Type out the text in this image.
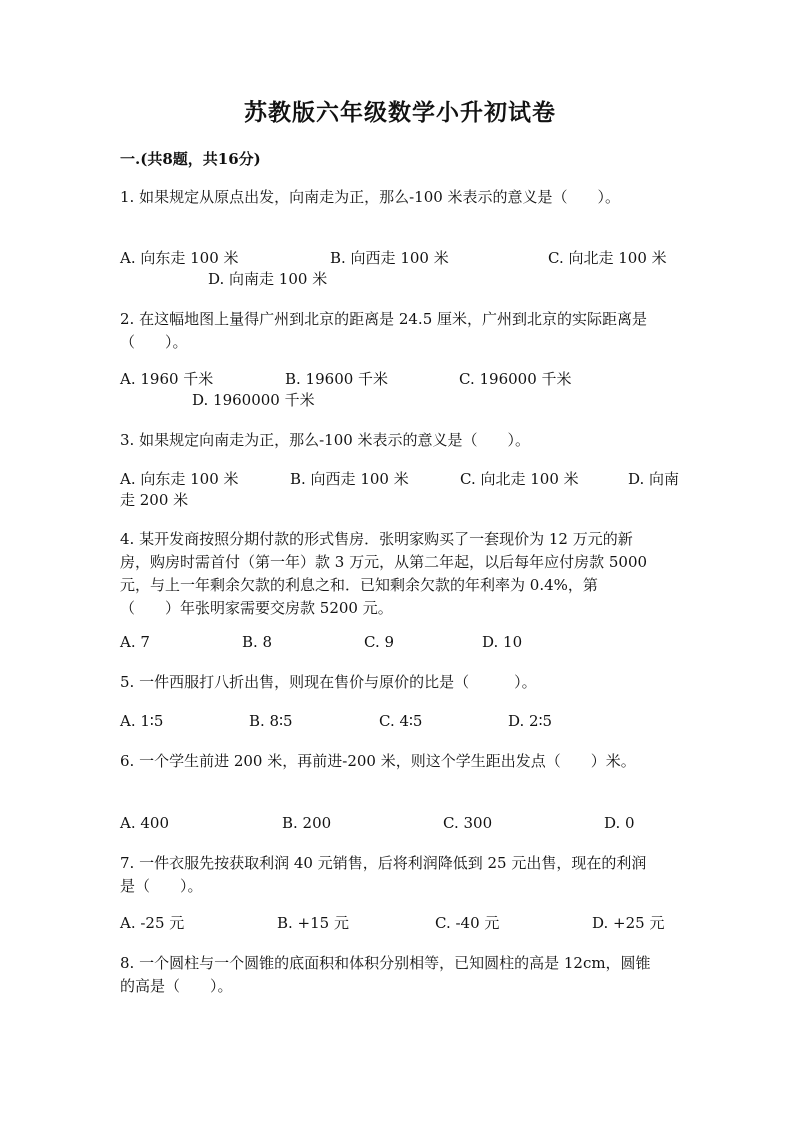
苏教版六年级数学小升初试卷
一.(共8题，共16分)
1. 如果规定从原点出发，向南走为正，那么-100 米表示的意义是（　　）。
A. 向东走 100 米	B. 向西走 100 米	C. 向北走 100 米
D. 向南走 100 米
2. 在这幅地图上量得广州到北京的距离是 24.5 厘米，广州到北京的实际距离是
（　　）。
A. 1960 千米	B. 19600 千米	C. 196000 千米
D. 1960000 千米
3. 如果规定向南走为正，那么-100 米表示的意义是（　　）。
A. 向东走 100 米	B. 向西走 100 米	C. 向北走 100 米	D. 向南
走 200 米
4. 某开发商按照分期付款的形式售房．张明家购买了一套现价为 12 万元的新
房，购房时需首付（第一年）款 3 万元，从第二年起，以后每年应付房款 5000
元，与上一年剩余欠款的利息之和．已知剩余欠款的年利率为 0.4%，第
（　　）年张明家需要交房款 5200 元。
A. 7	B. 8	C. 9	D. 10
5. 一件西服打八折出售，则现在售价与原价的比是（　　　）。
A. 1∶5	B. 8∶5	C. 4∶5	D. 2∶5
6. 一个学生前进 200 米，再前进-200 米，则这个学生距出发点（　　）米。
A. 400	B. 200	C. 300	D. 0
7. 一件衣服先按获取利润 40 元销售，后将利润降低到 25 元出售，现在的利润
是（　　）。
A. -25 元	B. +15 元	C. -40 元	D. +25 元
8. 一个圆柱与一个圆锥的底面积和体积分别相等，已知圆柱的高是 12cm，圆锥
的高是（　　）。
